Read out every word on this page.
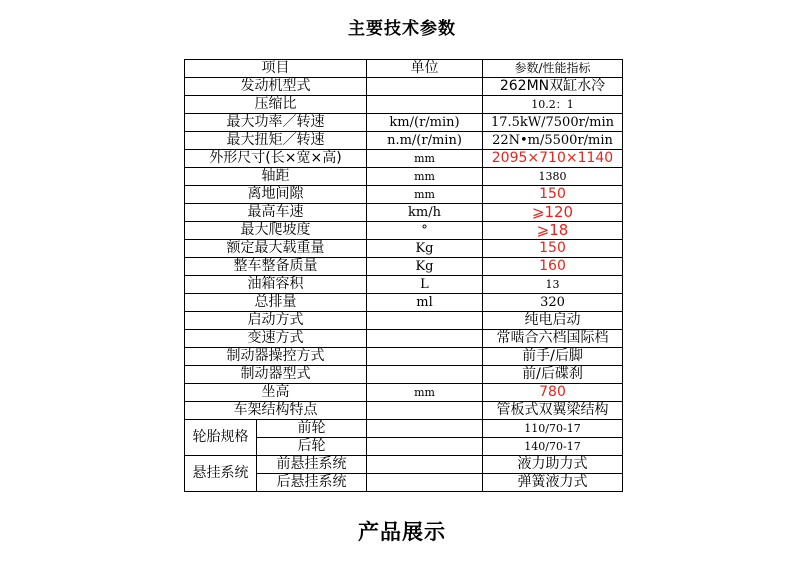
主要技术参数
项目		单位	参数/性能指标
发动机型式			262MN双缸水冷
压缩比			10.2：1
最大功率／转速		km/(r/min)	17.5kW/7500r/min
最大扭矩／转速		n.m/(r/min)	22N•m/5500r/min
外形尺寸(长×宽×高)		mm	2095×710×1140
轴距		mm	1380
离地间隙		mm	150
最高车速		km/h	⩾120
最大爬坡度		°	⩾18
额定最大载重量		Kg	150
整车整备质量		Kg	160
油箱容积		L	13
总排量		ml	320
启动方式			纯电启动
变速方式			常啮合六档国际档
制动器操控方式			前手/后脚
制动器型式			前/后碟刹
坐高		mm	780
车架结构特点			管板式双翼梁结构
轮胎规格	前轮		110/70-17
	后轮		140/70-17
悬挂系统	前悬挂系统		液力助力式
	后悬挂系统		弹簧液力式
产品展示
